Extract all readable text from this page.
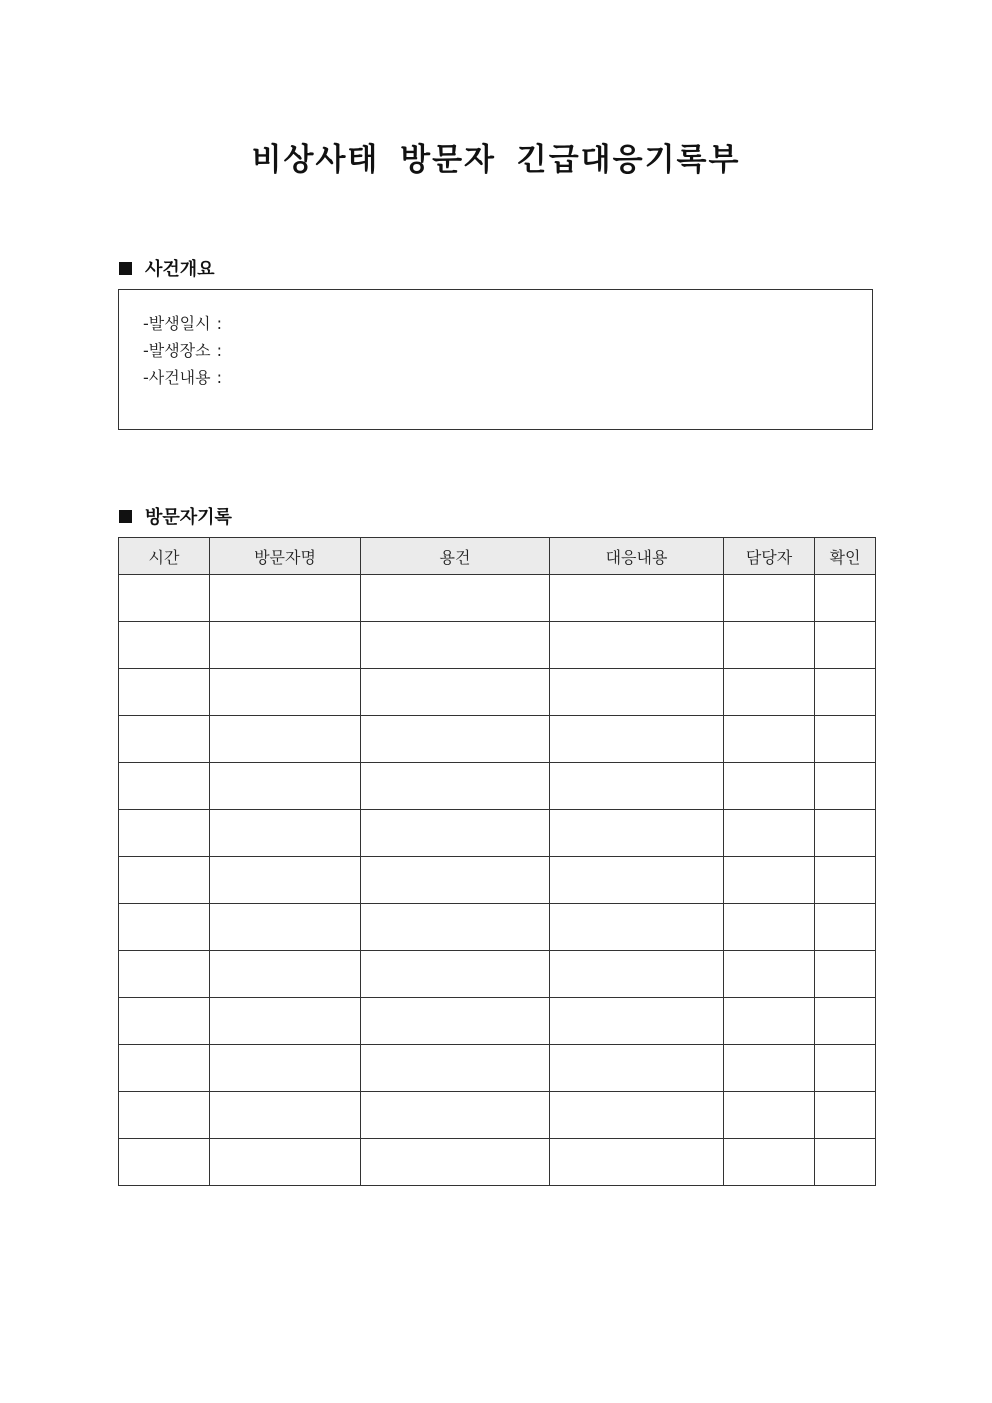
비상사태 방문자 긴급대응기록부
사건개요
-발생일시 :
-발생장소 :
-사건내용 :
방문자기록
시간	방문자명	용건	대응내용	담당자	확인
